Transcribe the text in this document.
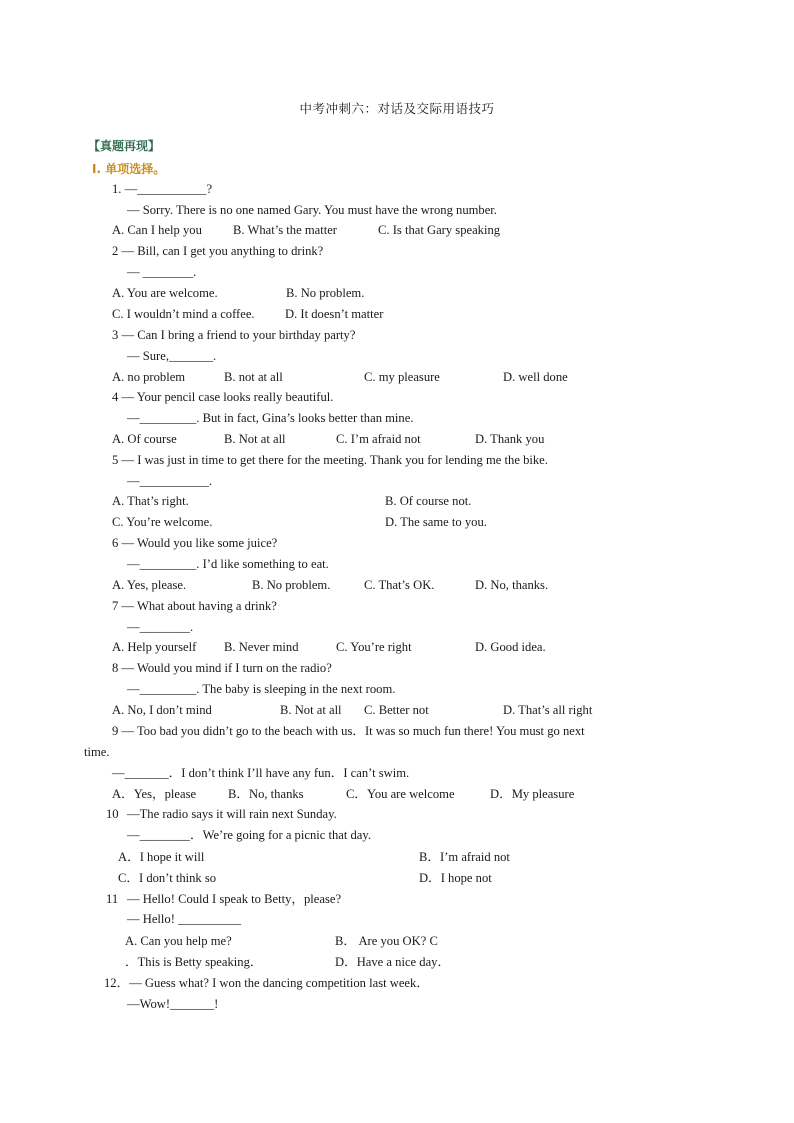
中考冲刺六：对话及交际用语技巧
【真题再现】
I. 单项选择。
1. —___________?
— Sorry. There is no one named Gary. You must have the wrong number.
A. Can I help you B. What’s the matter	C. Is that Gary speaking
2 — Bill, can I get you anything to drink?
— ________.
A. You are welcome.	B. No problem.
C. I wouldn’t mind a coffee. D. It doesn’t matter
3 — Can I bring a friend to your birthday party?
— Sure,_______.
A. no problem	B. not at all	C. my pleasure	D. well done
4 — Your pencil case looks really beautiful.
—_________. But in fact, Gina’s looks better than mine.
A. Of course	B. Not at all	C. I’m afraid not	D. Thank you
5 — I was just in time to get there for the meeting. Thank you for lending me the bike.
—___________.
A. That’s right.	B. Of course not.
C. You’re welcome.	D. The same to you.
6 — Would you like some juice?
—_________. I’d like something to eat.
A. Yes, please.	B. No problem.	C. That’s OK.	D. No, thanks.
7 — What about having a drink?
—________.
A. Help yourself B. Never mind	C. You’re right	D. Good idea.
8 — Would you mind if I turn on the radio?
—_________. The baby is sleeping in the next room.
A. No, I don’t mind	B. Not at all C. Better not	D. That’s all right
9 — Too bad you didn’t go to the beach with us．It was so much fun there! You must go next
time.
—_______．I don’t think I’ll have any fun．I can’t swim.
A．Yes，please	B．No, thanks	C．You are welcome	D．My pleasure
10 —The radio says it will rain next Sunday.
—________．We’re going for a picnic that day.
A．I hope it will	B．I’m afraid not
C．I don’t think so	D．I hope not
11 — Hello! Could I speak to Betty，please?
— Hello! __________
A. Can you help me?	B． Are you OK? C
．This is Betty speaking．	D．Have a nice day．
12．— Guess what? I won the dancing competition last week．
—Wow!_______!
